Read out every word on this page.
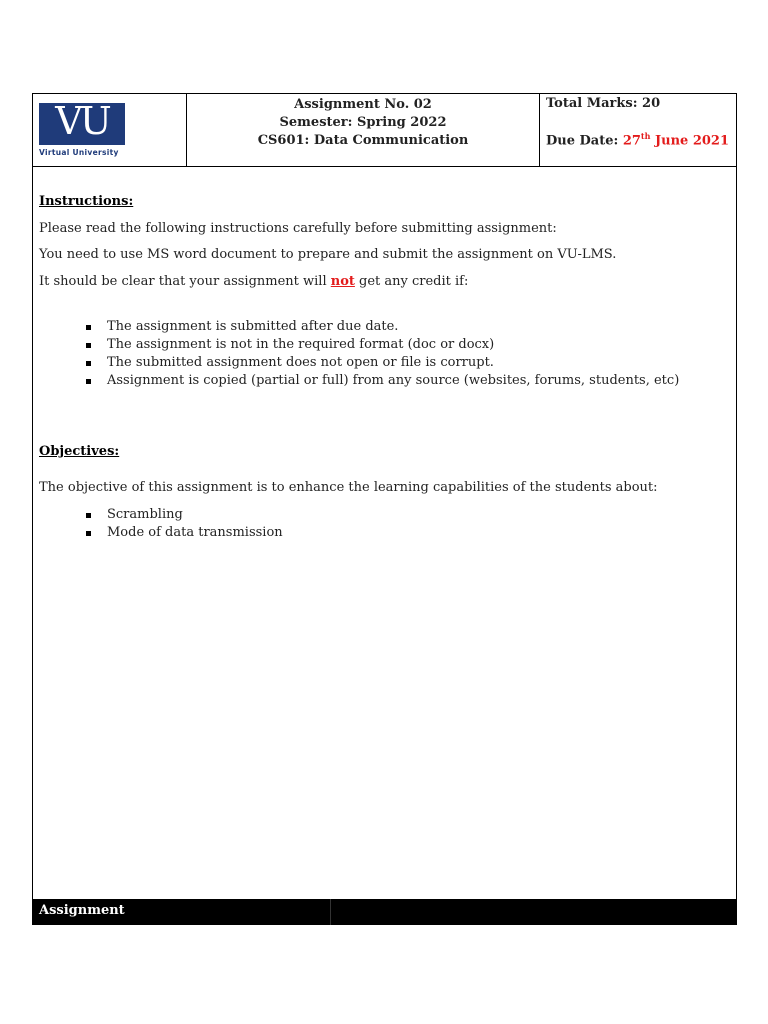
VU
Virtual University
Assignment No. 02
Semester: Spring 2022
CS601: Data Communication
Total Marks: 20
Due Date: 27th June 2021
Instructions:
Please read the following instructions carefully before submitting assignment:
You need to use MS word document to prepare and submit the assignment on VU-LMS.
It should be clear that your assignment will not get any credit if:
The assignment is submitted after due date.
The assignment is not in the required format (doc or docx)
The submitted assignment does not open or file is corrupt.
Assignment is copied (partial or full) from any source (websites, forums, students, etc)
Objectives:
The objective of this assignment is to enhance the learning capabilities of the students about:
Scrambling
Mode of data transmission
Assignment
